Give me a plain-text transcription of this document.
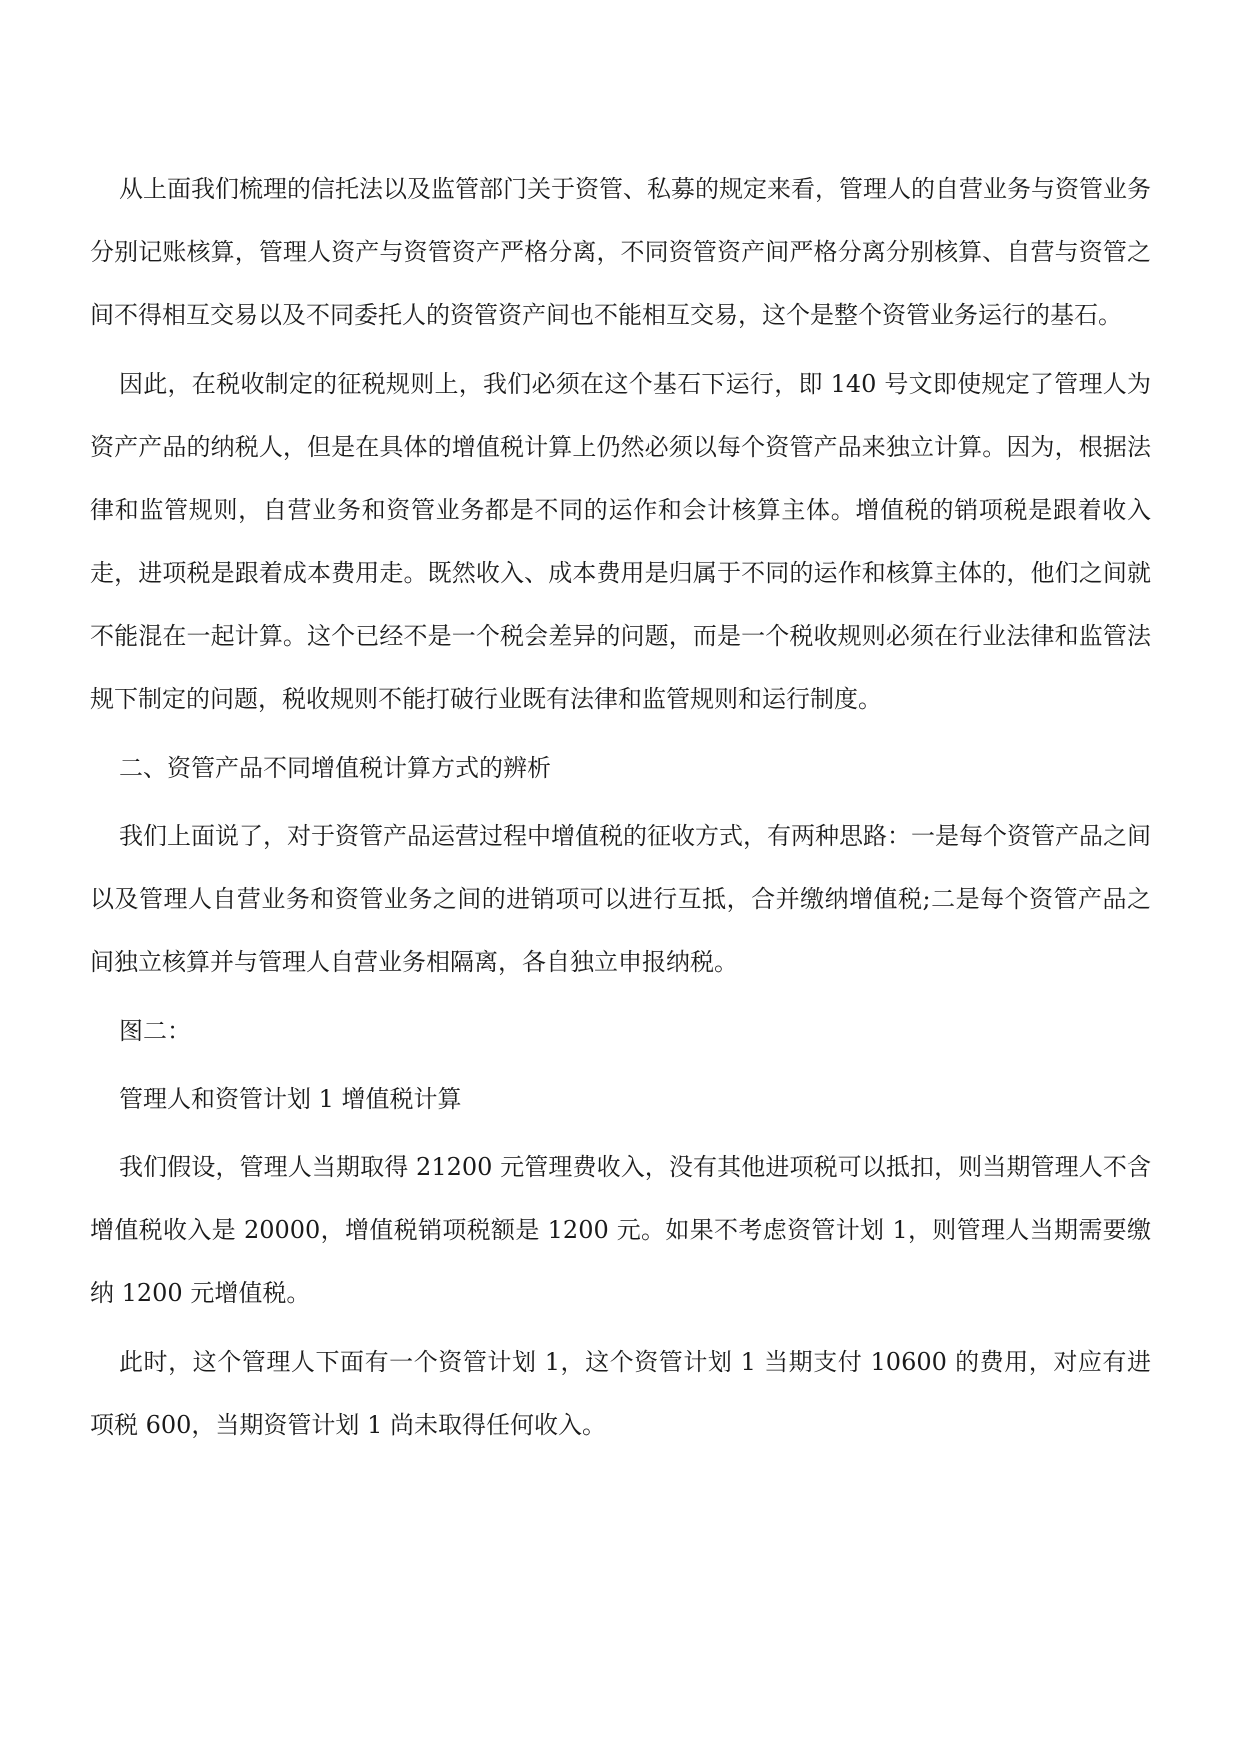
从上面我们梳理的信托法以及监管部门关于资管、私募的规定来看，管理人的自营业务与资管业务分别记账核算，管理人资产与资管资产严格分离，不同资管资产间严格分离分别核算、自营与资管之间不得相互交易以及不同委托人的资管资产间也不能相互交易，这个是整个资管业务运行的基石。

因此，在税收制定的征税规则上，我们必须在这个基石下运行，即 140 号文即使规定了管理人为资产产品的纳税人，但是在具体的增值税计算上仍然必须以每个资管产品来独立计算。因为，根据法律和监管规则，自营业务和资管业务都是不同的运作和会计核算主体。增值税的销项税是跟着收入走，进项税是跟着成本费用走。既然收入、成本费用是归属于不同的运作和核算主体的，他们之间就不能混在一起计算。这个已经不是一个税会差异的问题，而是一个税收规则必须在行业法律和监管法规下制定的问题，税收规则不能打破行业既有法律和监管规则和运行制度。

二、资管产品不同增值税计算方式的辨析

我们上面说了，对于资管产品运营过程中增值税的征收方式，有两种思路：一是每个资管产品之间以及管理人自营业务和资管业务之间的进销项可以进行互抵，合并缴纳增值税;二是每个资管产品之间独立核算并与管理人自营业务相隔离，各自独立申报纳税。

图二：

管理人和资管计划 1 增值税计算

我们假设，管理人当期取得 21200 元管理费收入，没有其他进项税可以抵扣，则当期管理人不含增值税收入是 20000，增值税销项税额是 1200 元。如果不考虑资管计划 1，则管理人当期需要缴纳 1200 元增值税。

此时，这个管理人下面有一个资管计划 1，这个资管计划 1 当期支付 10600 的费用，对应有进项税 600，当期资管计划 1 尚未取得任何收入。
